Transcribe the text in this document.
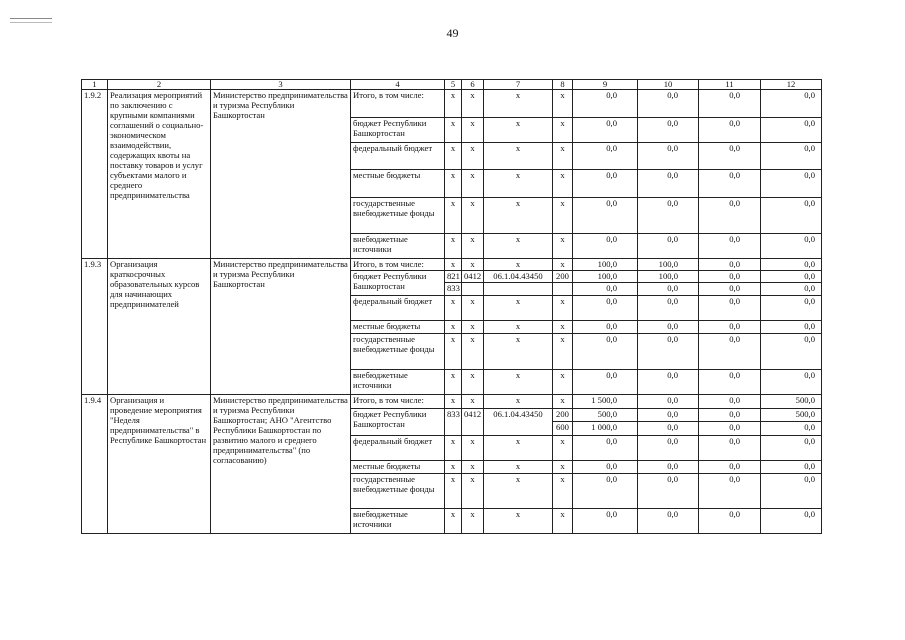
49
1	2	3	4	5	6	7	8	9	10	11	12
1.9.2	Реализация мероприятий по заключению с крупными компаниями соглашений о социально-экономическом взаимодействии, содержащих квоты на поставку товаров и услуг субъектами малого и среднего предпринимательства	Министерство предпринимательства и туризма Республики Башкортостан	Итого, в том числе:	х	х	х	х	0,0	0,0	0,0	0,0
			бюджет Республики Башкортостан	х	х	х	х	0,0	0,0	0,0	0,0
			федеральный бюджет	х	х	х	х	0,0	0,0	0,0	0,0
			местные бюджеты	х	х	х	х	0,0	0,0	0,0	0,0
			государственные внебюджетные фонды	х	х	х	х	0,0	0,0	0,0	0,0
			внебюджетные источники	х	х	х	х	0,0	0,0	0,0	0,0
1.9.3	Организация краткосрочных образовательных курсов для начинающих предпринимателей	Министерство предпринимательства и туризма Республики Башкортостан	Итого, в том числе:	х	х	х	х	100,0	100,0	0,0	0,0
			бюджет Республики Башкортостан	821	0412	06.1.04.43450	200	100,0	100,0	0,0	0,0
				833				0,0	0,0	0,0	0,0
			федеральный бюджет	х	х	х	х	0,0	0,0	0,0	0,0
			местные бюджеты	х	х	х	х	0,0	0,0	0,0	0,0
			государственные внебюджетные фонды	х	х	х	х	0,0	0,0	0,0	0,0
			внебюджетные источники	х	х	х	х	0,0	0,0	0,0	0,0
1.9.4	Организация и проведение мероприятия "Неделя предпринимательства" в Республике Башкортостан	Министерство предпринимательства и туризма Республики Башкортостан; АНО "Агентство Республики Башкортостан по развитию малого и среднего предпринимательства" (по согласованию)	Итого, в том числе:	х	х	х	х	1 500,0	0,0	0,0	500,0
			бюджет Республики Башкортостан	833	0412	06.1.04.43450	200	500,0	0,0	0,0	500,0
							600	1 000,0	0,0	0,0	0,0
			федеральный бюджет	х	х	х	х	0,0	0,0	0,0	0,0
			местные бюджеты	х	х	х	х	0,0	0,0	0,0	0,0
			государственные внебюджетные фонды	х	х	х	х	0,0	0,0	0,0	0,0
			внебюджетные источники	х	х	х	х	0,0	0,0	0,0	0,0
